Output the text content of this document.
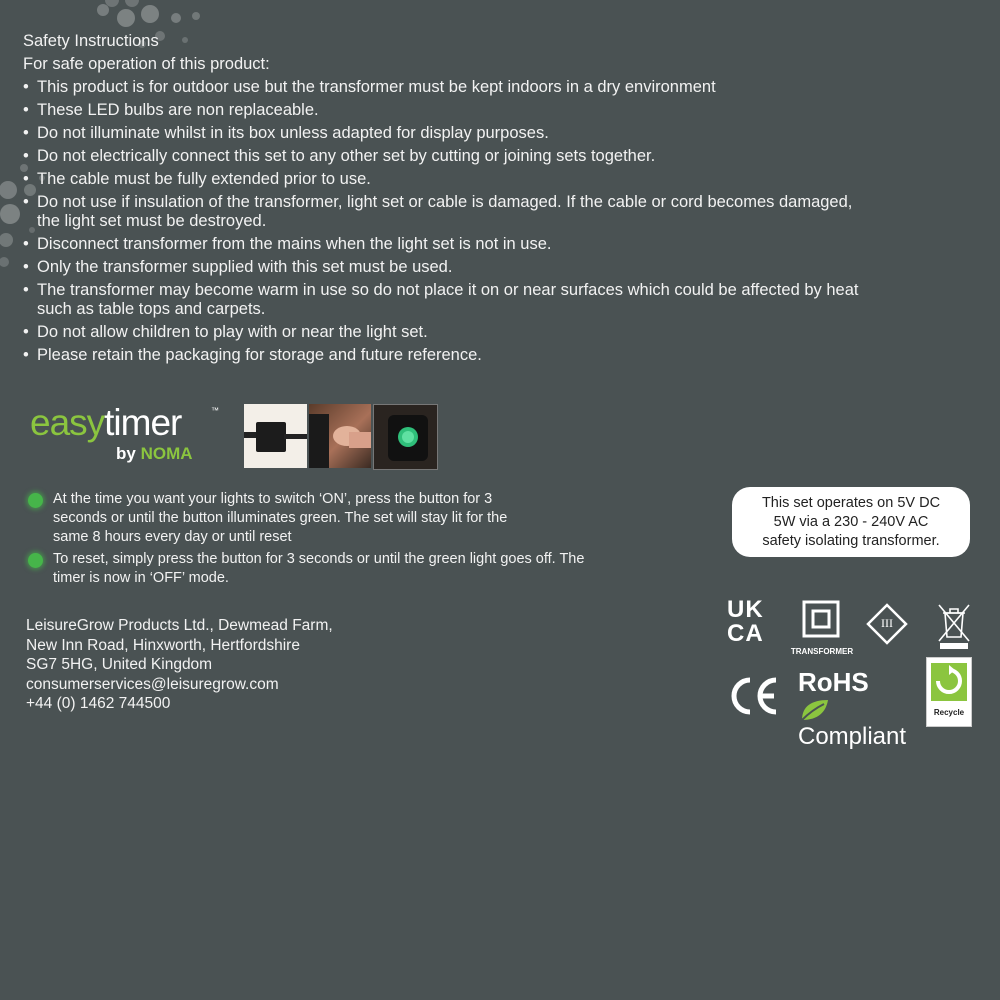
Safety Instructions
For safe operation of this product:
• This product is for outdoor use but the transformer must be kept indoors in a dry environment
• These LED bulbs are non replaceable.
• Do not illuminate whilst in its box unless adapted for display purposes.
• Do not electrically connect this set to any other set by cutting or joining sets together.
• The cable must be fully extended prior to use.
• Do not use if insulation of the transformer, light set or cable is damaged. If the cable or cord becomes damaged, the light set must be destroyed.
• Disconnect transformer from the mains when the light set is not in use.
• Only the transformer supplied with this set must be used.
• The transformer may become warm in use so do not place it on or near surfaces which could be affected by heat such as table tops and carpets.
• Do not allow children to play with or near the light set.
• Please retain the packaging for storage and future reference.
easytimer	™
by NOMA
At the time you want your lights to switch ‘ON’, press the button for 3 seconds or until the button illuminates green. The set will stay lit for the same 8 hours every day or until reset
To reset, simply press the button for 3 seconds or until the green light goes off. The timer is now in ‘OFF’ mode.
LeisureGrow Products Ltd., Dewmead Farm,
New Inn Road, Hinxworth, Hertfordshire
SG7 5HG, United Kingdom
consumerservices@leisuregrow.com
+44 (0) 1462 744500
This set operates on 5V DC
5W via a 230 - 240V AC
safety isolating transformer.
UK
CA
TRANSFORMER
III
RoHS
Compliant
Recycle
